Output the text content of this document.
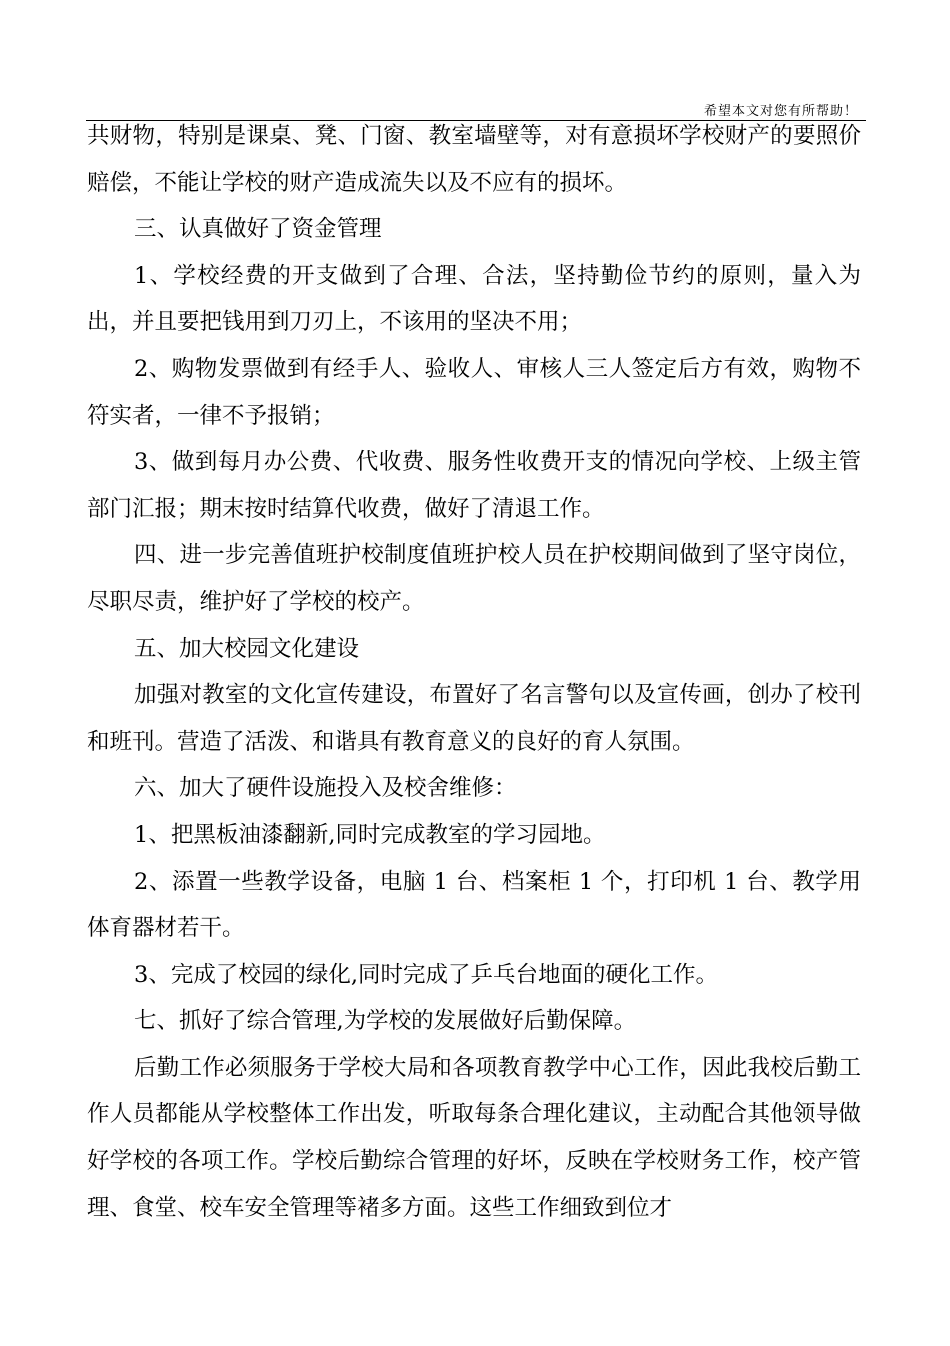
希望本文对您有所帮助！

共财物，特别是课桌、凳、门窗、教室墙壁等，对有意损坏学校财产的要照价赔偿，不能让学校的财产造成流失以及不应有的损坏。

三、认真做好了资金管理

1、学校经费的开支做到了合理、合法，坚持勤俭节约的原则，量入为出，并且要把钱用到刀刃上，不该用的坚决不用；

2、购物发票做到有经手人、验收人、审核人三人签定后方有效，购物不符实者，一律不予报销；

3、做到每月办公费、代收费、服务性收费开支的情况向学校、上级主管部门汇报；期末按时结算代收费，做好了清退工作。

四、进一步完善值班护校制度值班护校人员在护校期间做到了坚守岗位，尽职尽责，维护好了学校的校产。

五、加大校园文化建设

加强对教室的文化宣传建设，布置好了名言警句以及宣传画，创办了校刊和班刊。营造了活泼、和谐具有教育意义的良好的育人氛围。

六、加大了硬件设施投入及校舍维修：

1、把黑板油漆翻新,同时完成教室的学习园地。

2、添置一些教学设备，电脑 1 台、档案柜 1 个，打印机 1 台、教学用体育器材若干。

3、完成了校园的绿化,同时完成了乒乓台地面的硬化工作。

七、抓好了综合管理,为学校的发展做好后勤保障。

后勤工作必须服务于学校大局和各项教育教学中心工作，因此我校后勤工作人员都能从学校整体工作出发，听取每条合理化建议，主动配合其他领导做好学校的各项工作。学校后勤综合管理的好坏，反映在学校财务工作，校产管理、食堂、校车安全管理等褚多方面。这些工作细致到位才
